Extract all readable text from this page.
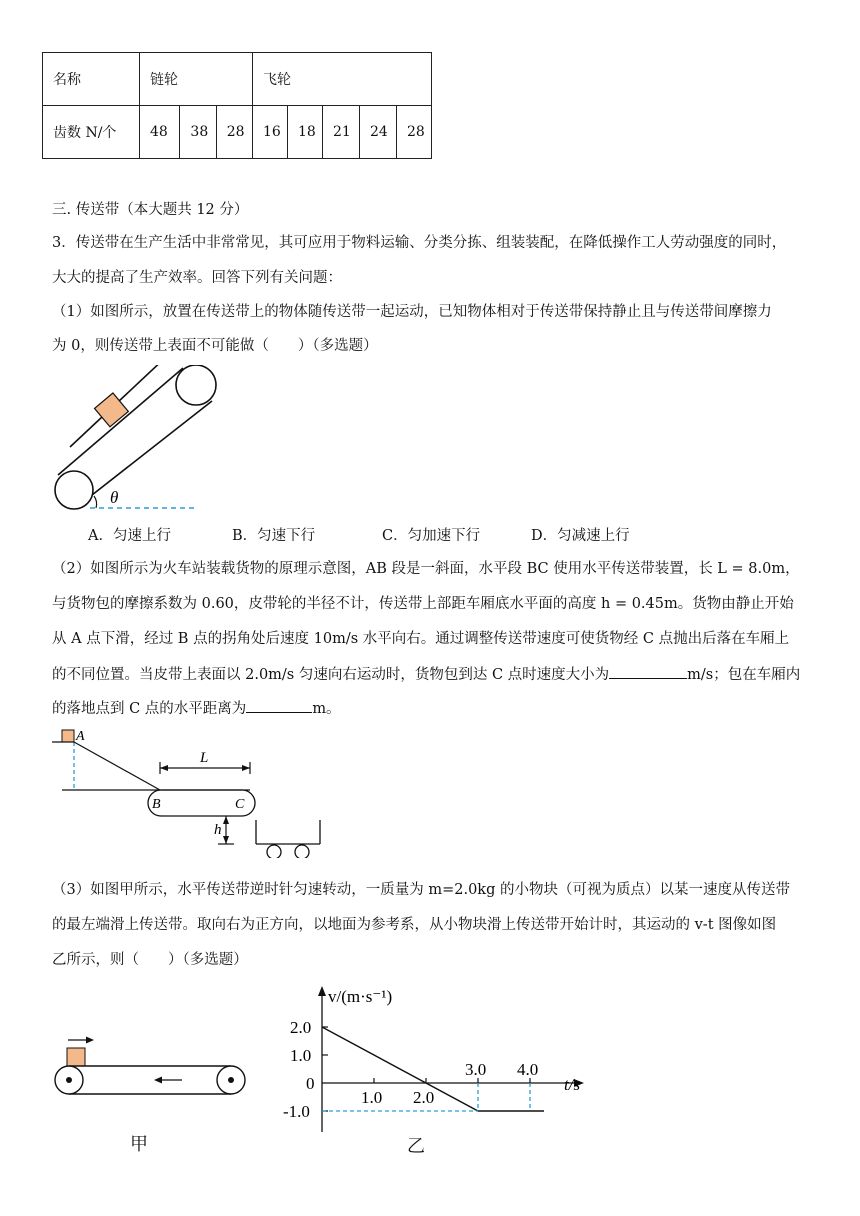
名称	链轮			飞轮				
齿数 N/个	48	38	28	16	18	21	24	28
三. 传送带（本大题共 12 分）
3．传送带在生产生活中非常常见，其可应用于物料运输、分类分拣、组装装配，在降低操作工人劳动强度的同时，
大大的提高了生产效率。回答下列有关问题：
（1）如图所示，放置在传送带上的物体随传送带一起运动，已知物体相对于传送带保持静止且与传送带间摩擦力
为 0，则传送带上表面不可能做（　　）（多选题）
θ
A．匀速上行	B．匀速下行	C．匀加速下行	D．匀减速上行
（2）如图所示为火车站装载货物的原理示意图，AB 段是一斜面，水平段 BC 使用水平传送带装置，长 L = 8.0m，
与货物包的摩擦系数为 0.60，皮带轮的半径不计，传送带上部距车厢底水平面的高度 h = 0.45m。货物由静止开始
从 A 点下滑，经过 B 点的拐角处后速度 10m/s 水平向右。通过调整传送带速度可使货物经 C 点抛出后落在车厢上
的不同位置。当皮带上表面以 2.0m/s 匀速向右运动时，货物包到达 C 点时速度大小为	m/s；包在车厢内
的落地点到 C 点的水平距离为	m。
A
L
B	C
h
（3）如图甲所示，水平传送带逆时针匀速转动，一质量为 m=2.0kg 的小物块（可视为质点）以某一速度从传送带
的最左端滑上传送带。取向右为正方向，以地面为参考系，从小物块滑上传送带开始计时，其运动的 v-t 图像如图
乙所示，则（　　）（多选题）
甲
v/(m·s⁻¹)
t/s
1.0 2.0
3.0 4.0
2.0
1.0
0
-1.0
乙
